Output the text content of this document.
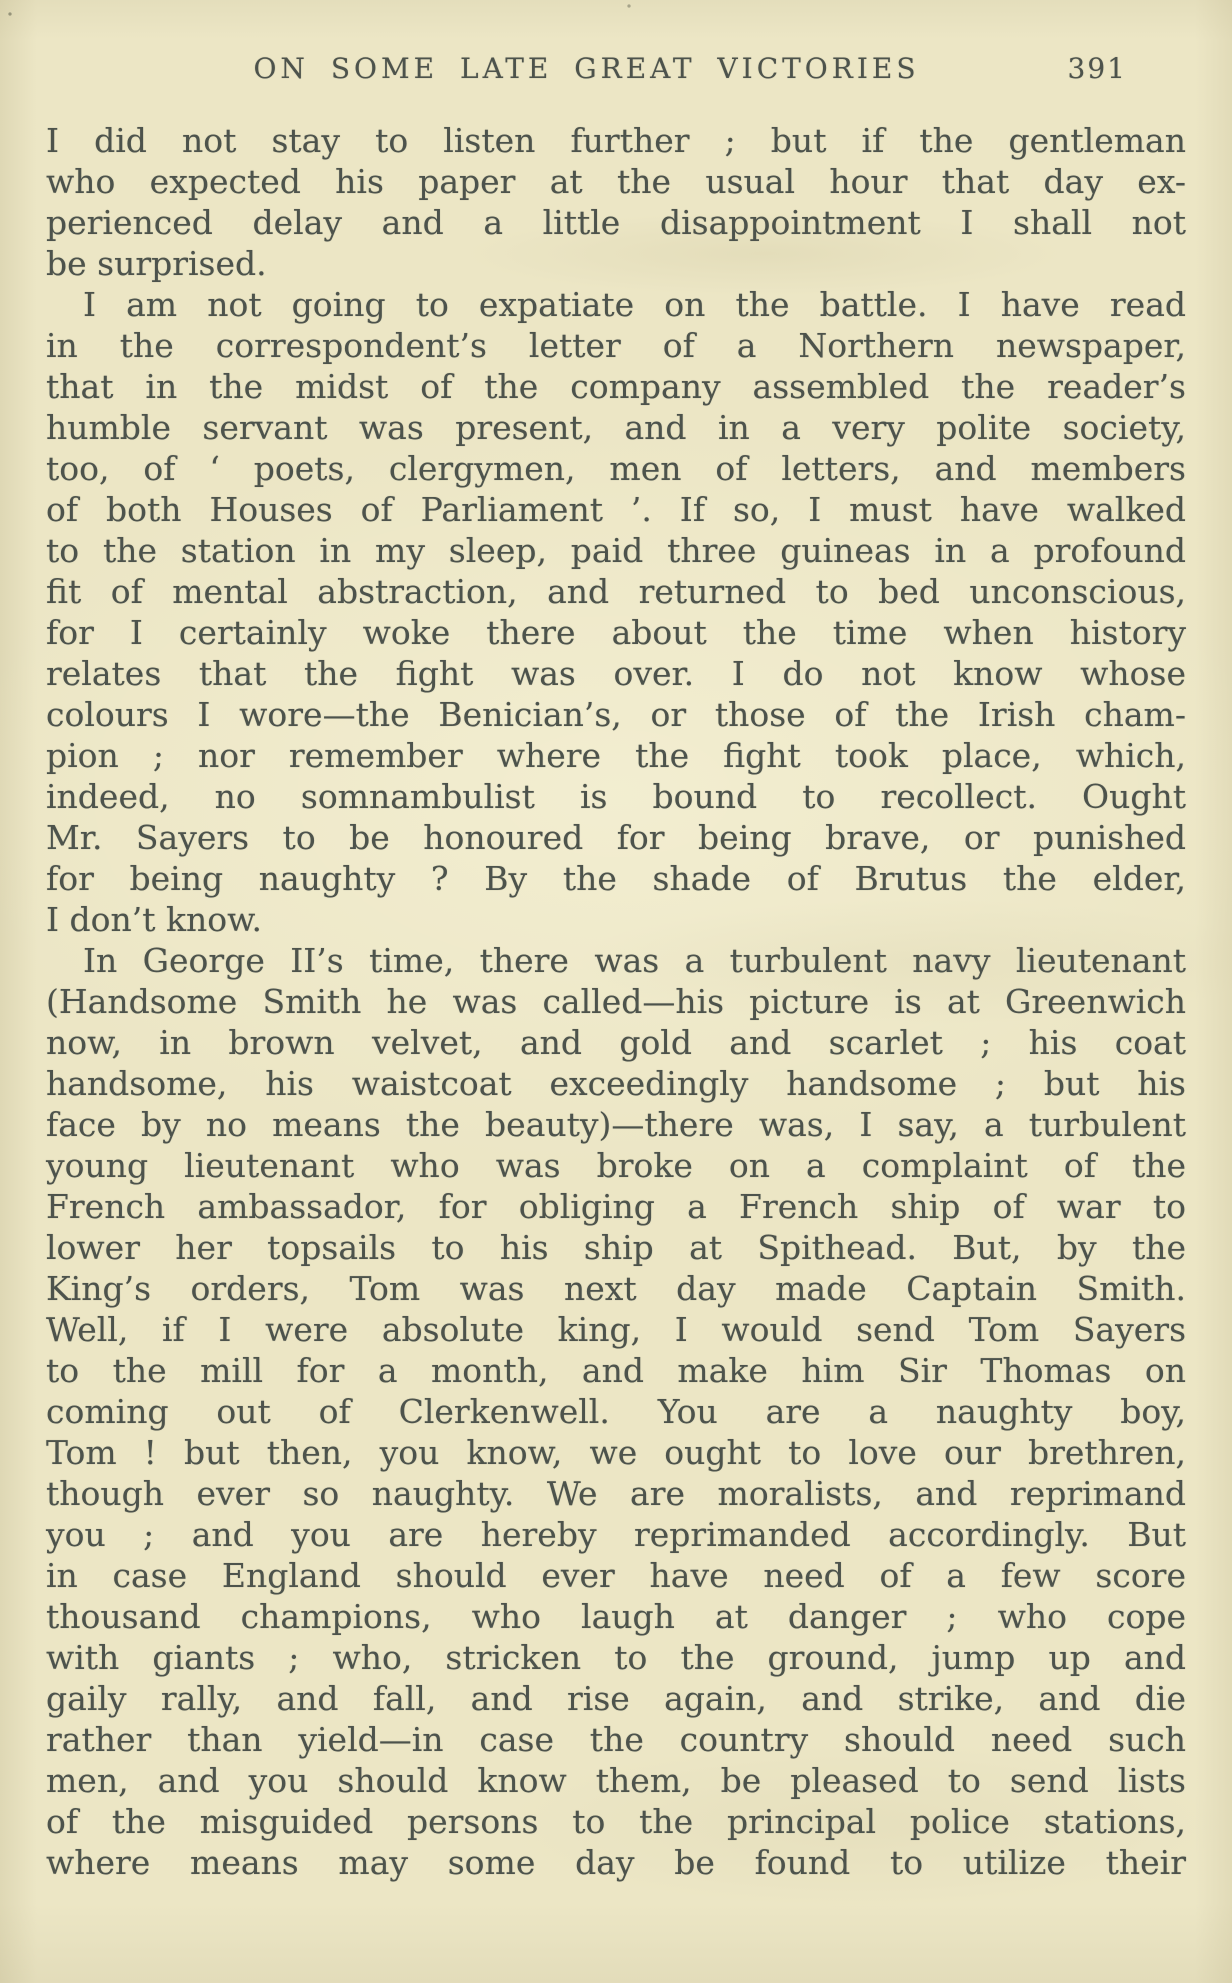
ON SOME LATE GREAT VICTORIES	391
I did not stay to listen further ; but if the gentleman
who expected his paper at the usual hour that day ex-
perienced delay and a little disappointment I shall not
be surprised.
I am not going to expatiate on the battle. I have read
in the correspondent’s letter of a Northern newspaper,
that in the midst of the company assembled the reader’s
humble servant was present, and in a very polite society,
too, of ‘ poets, clergymen, men of letters, and members
of both Houses of Parliament ’. If so, I must have walked
to the station in my sleep, paid three guineas in a profound
fit of mental abstraction, and returned to bed unconscious,
for I certainly woke there about the time when history
relates that the fight was over. I do not know whose
colours I wore—the Benician’s, or those of the Irish cham-
pion ; nor remember where the fight took place, which,
indeed, no somnambulist is bound to recollect. Ought
Mr. Sayers to be honoured for being brave, or punished
for being naughty ? By the shade of Brutus the elder,
I don’t know.
In George II’s time, there was a turbulent navy lieutenant
(Handsome Smith he was called—his picture is at Greenwich
now, in brown velvet, and gold and scarlet ; his coat
handsome, his waistcoat exceedingly handsome ; but his
face by no means the beauty)—there was, I say, a turbulent
young lieutenant who was broke on a complaint of the
French ambassador, for obliging a French ship of war to
lower her topsails to his ship at Spithead. But, by the
King’s orders, Tom was next day made Captain Smith.
Well, if I were absolute king, I would send Tom Sayers
to the mill for a month, and make him Sir Thomas on
coming out of Clerkenwell. You are a naughty boy,
Tom ! but then, you know, we ought to love our brethren,
though ever so naughty. We are moralists, and reprimand
you ; and you are hereby reprimanded accordingly. But
in case England should ever have need of a few score
thousand champions, who laugh at danger ; who cope
with giants ; who, stricken to the ground, jump up and
gaily rally, and fall, and rise again, and strike, and die
rather than yield—in case the country should need such
men, and you should know them, be pleased to send lists
of the misguided persons to the principal police stations,
where means may some day be found to utilize their
